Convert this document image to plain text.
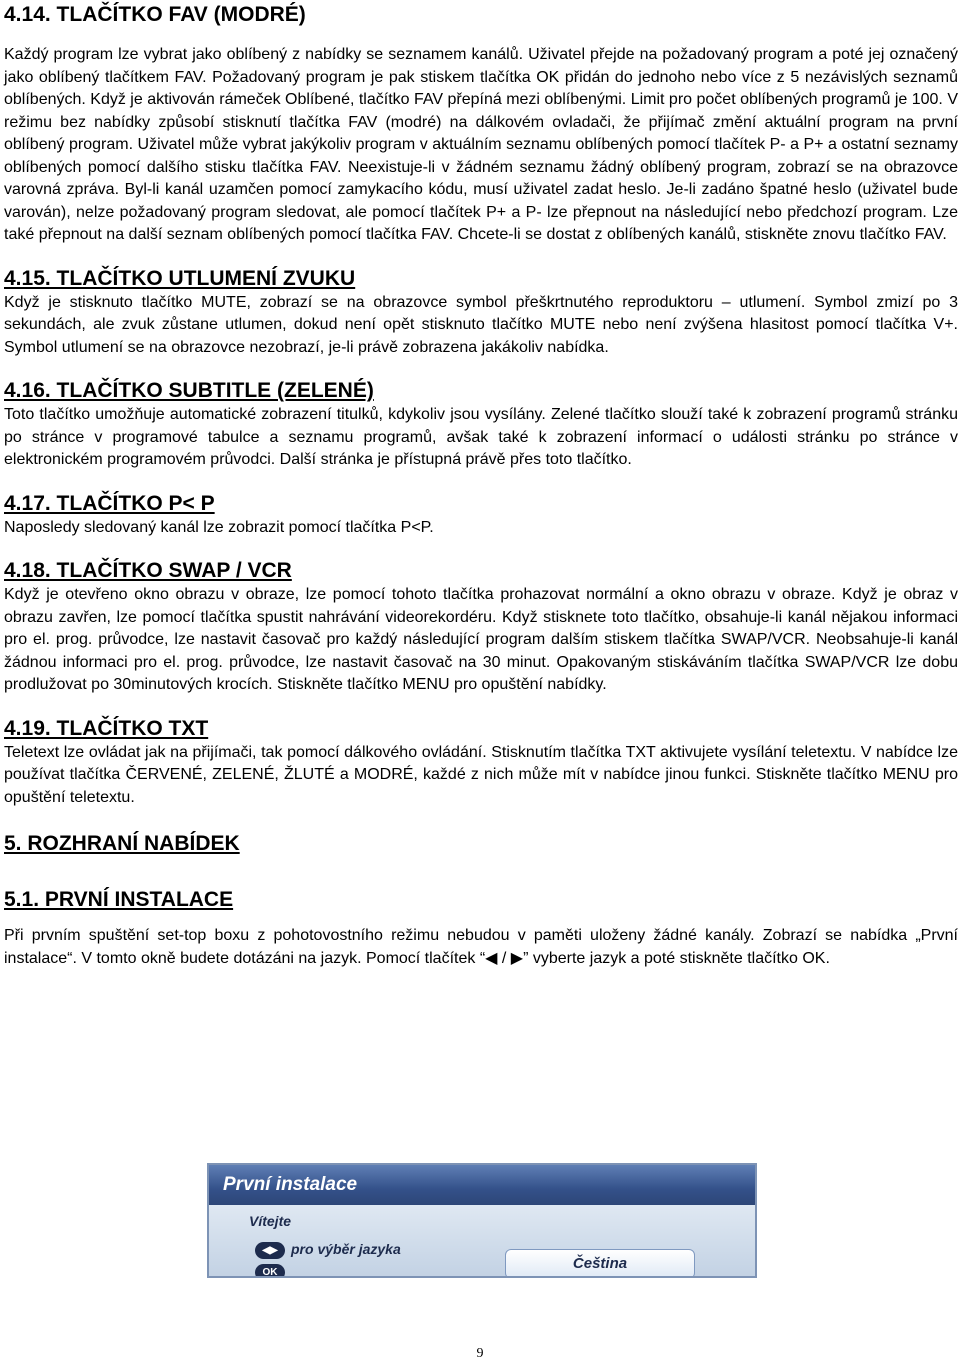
4.14. TLAČÍTKO FAV (MODRÉ)

Každý program lze vybrat jako oblíbený z nabídky se seznamem kanálů. Uživatel přejde na požadovaný program a poté jej označený jako oblíbený tlačítkem FAV. Požadovaný program je pak stiskem tlačítka OK přidán do jednoho nebo více z 5 nezávislých seznamů oblíbených. Když je aktivován rámeček Oblíbené, tlačítko FAV přepíná mezi oblíbenými. Limit pro počet oblíbených programů je 100. V režimu bez nabídky způsobí stisknutí tlačítka FAV (modré) na dálkovém ovladači, že přijímač změní aktuální program na první oblíbený program. Uživatel může vybrat jakýkoliv program v aktuálním seznamu oblíbených pomocí tlačítek P- a P+ a ostatní seznamy oblíbených pomocí dalšího stisku tlačítka FAV. Neexistuje-li v žádném seznamu žádný oblíbený program, zobrazí se na obrazovce varovná zpráva. Byl-li kanál uzamčen pomocí zamykacího kódu, musí uživatel zadat heslo. Je-li zadáno špatné heslo (uživatel bude varován), nelze požadovaný program sledovat, ale pomocí tlačítek P+ a P- lze přepnout na následující nebo předchozí program. Lze také přepnout na další seznam oblíbených pomocí tlačítka FAV. Chcete-li se dostat z oblíbených kanálů, stiskněte znovu tlačítko FAV.

4.15. TLAČÍTKO UTLUMENÍ ZVUKU

Když je stisknuto tlačítko MUTE, zobrazí se na obrazovce symbol přeškrtnutého reproduktoru – utlumení. Symbol zmizí po 3 sekundách, ale zvuk zůstane utlumen, dokud není opět stisknuto tlačítko MUTE nebo není zvýšena hlasitost pomocí tlačítka V+. Symbol utlumení se na obrazovce nezobrazí, je-li právě zobrazena jakákoliv nabídka.

4.16. TLAČÍTKO SUBTITLE (ZELENÉ)

Toto tlačítko umožňuje automatické zobrazení titulků, kdykoliv jsou vysílány. Zelené tlačítko slouží také k zobrazení programů stránku po stránce v programové tabulce a seznamu programů, avšak také k zobrazení informací o události stránku po stránce v elektronickém programovém průvodci. Další stránka je přístupná právě přes toto tlačítko.

4.17. TLAČÍTKO P< P

Naposledy sledovaný kanál lze zobrazit pomocí tlačítka P<P.

4.18. TLAČÍTKO SWAP / VCR

Když je otevřeno okno obrazu v obraze, lze pomocí tohoto tlačítka prohazovat normální a okno obrazu v obraze. Když je obraz v obrazu zavřen, lze pomocí tlačítka spustit nahrávání videorekordéru. Když stisknete toto tlačítko, obsahuje-li kanál nějakou informaci pro el. prog. průvodce, lze nastavit časovač pro každý následující program dalším stiskem tlačítka SWAP/VCR. Neobsahuje-li kanál žádnou informaci pro el. prog. průvodce, lze nastavit časovač na 30 minut. Opakovaným stiskáváním tlačítka SWAP/VCR lze dobu prodlužovat po 30minutových krocích. Stiskněte tlačítko MENU pro opuštění nabídky.

4.19. TLAČÍTKO TXT

Teletext lze ovládat jak na přijímači, tak pomocí dálkového ovládání. Stisknutím tlačítka TXT aktivujete vysílání teletextu. V nabídce lze používat tlačítka ČERVENÉ, ZELENÉ, ŽLUTÉ a MODRÉ, každé z nich může mít v nabídce jinou funkci. Stiskněte tlačítko MENU pro opuštění teletextu.

5. ROZHRANÍ NABÍDEK
5.1. PRVNÍ INSTALACE

Při prvním spuštění set-top boxu z pohotovostního režimu nebudou v paměti uloženy žádné kanály. Zobrazí se nabídka „První instalace“. V tomto okně budete dotázáni na jazyk. Pomocí tlačítek “◀ / ▶” vyberte jazyk a poté stiskněte tlačítko OK.

První instalace
Vítejte
◀▶ pro výběr jazyka
OK
Čeština
9
